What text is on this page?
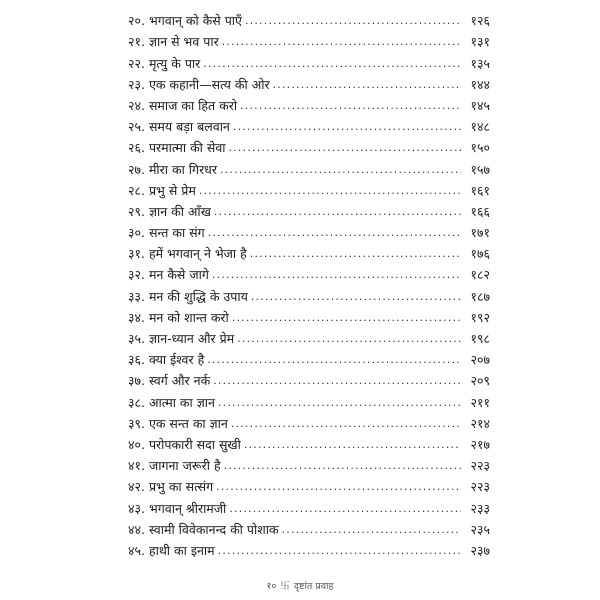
२०. भगवान् को कैसे पाएँ .....	१२६
२१. ज्ञान से भव पार .....	१३१
२२. मृत्यु के पार .....	१३५
२३. एक कहानी—सत्य की ओर .....	१४४
२४. समाज का हित करो .....	१४५
२५. समय बड़ा बलवान .....	१४८
२६. परमात्मा की सेवा .....	१५०
२७. मीरा का गिरधर .....	१५७
२८. प्रभु से प्रेम .....	१६१
२९. ज्ञान की आँख .....	१६६
३०. सन्त का संग .....	१७१
३१. हमें भगवान् ने भेजा है .....	१७६
३२. मन कैसे जागे .....	१८२
३३. मन की शुद्धि के उपाय .....	१८७
३४. मन को शान्त करो .....	१९२
३५. ज्ञान-ध्यान और प्रेम .....	१९८
३६. क्या ईश्वर है .....	२०७
३७. स्वर्ग और नर्क .....	२०९
३८. आत्मा का ज्ञान .....	२११
३९. एक सन्त का ज्ञान .....	२१४
४०. परोपकारी सदा सुखी .....	२१७
४१. जागना जरूरी है .....	२२३
४२. प्रभु का सत्संग .....	२२३
४३. भगवान् श्रीरामजी .....	२३३
४४. स्वामी विवेकानन्द की पोशाक .....	२३५
४५. हाथी का इनाम .....	२३७
१० 卐 दृष्टांत प्रवाह
